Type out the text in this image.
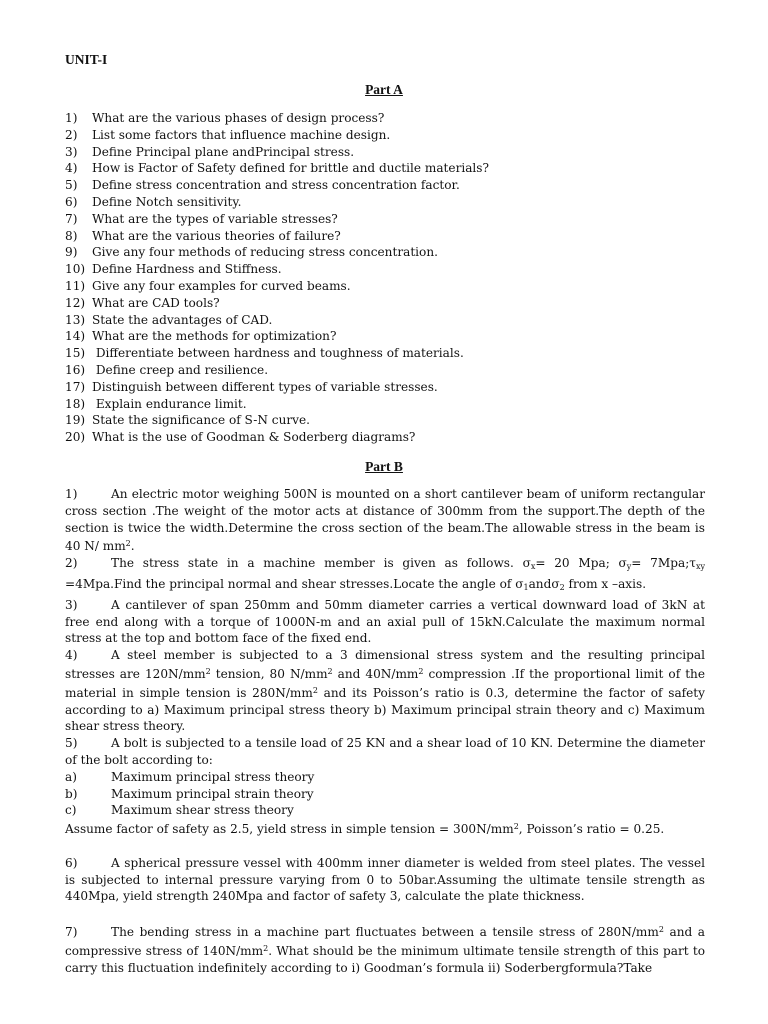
UNIT-I
Part A
1) What are the various phases of design process?
2) List some factors that influence machine design.
3) Define Principal plane andPrincipal stress.
4) How is Factor of Safety defined for brittle and ductile materials?
5) Define stress concentration and stress concentration factor.
6) Define Notch sensitivity.
7) What are the types of variable stresses?
8) What are the various theories of failure?
9) Give any four methods of reducing stress concentration.
10) Define Hardness and Stiffness.
11) Give any four examples for curved beams.
12) What are CAD tools?
13) State the advantages of CAD.
14) What are the methods for optimization?
15) Differentiate between hardness and toughness of materials.
16) Define creep and resilience.
17) Distinguish between different types of variable stresses.
18) Explain endurance limit.
19) State the significance of S-N curve.
20) What is the use of Goodman & Soderberg diagrams?
Part B
1)	An electric motor weighing 500N is mounted on a short cantilever beam of uniform rectangular cross section .The weight of the motor acts at distance of 300mm from the support.The depth of the section is twice the width.Determine the cross section of the beam.The allowable stress in the beam is 40 N/ $mm^2$.
2)	The stress state in a machine member is given as follows. $\sigma_x= 20$ Mpa; $\sigma_y=$ $7Mpa;\tau_{xy}$ =4Mpa.Find the principal normal and shear stresses.Locate the angle of $\sigma_1and\sigma_2$ from x –axis.
3)	A cantilever of span 250mm and 50mm diameter carries a vertical downward load of 3kN at free end along with a torque of 1000N-m and an axial pull of 15kN.Calculate the maximum normal stress at the top and bottom face of the fixed end.
4)	A steel member is subjected to a 3 dimensional stress system and the resulting principal stresses are $120N/mm^2$ tension, 80 $N/mm^2$ and $40N/mm^2$ compression .If the proportional limit of the material in simple tension is $280N/mm^2$ and its Poisson’s ratio is 0.3, determine the factor of safety according to a) Maximum principal stress theory b) Maximum principal strain theory and c) Maximum shear stress theory.
5)	A bolt is subjected to a tensile load of 25 KN and a shear load of 10 KN. Determine the diameter of the bolt according to:
a)	Maximum principal stress theory
b)	Maximum principal strain theory
c)	Maximum shear stress theory
Assume factor of safety as 2.5, yield stress in simple tension = $300N/mm^2$, Poisson’s ratio = 0.25.
6)	A spherical pressure vessel with 400mm inner diameter is welded from steel plates. The vessel is subjected to internal pressure varying from 0 to 50bar.Assuming the ultimate tensile strength as 440Mpa, yield strength 240Mpa and factor of safety 3, calculate the plate thickness.
7)	The bending stress in a machine part fluctuates between a tensile stress of $280N/mm^2$ and a compressive stress of $140N/mm^2$. What should be the minimum ultimate tensile strength of this part to carry this fluctuation indefinitely according to i) Goodman’s formula ii) Soderbergformula?Take
